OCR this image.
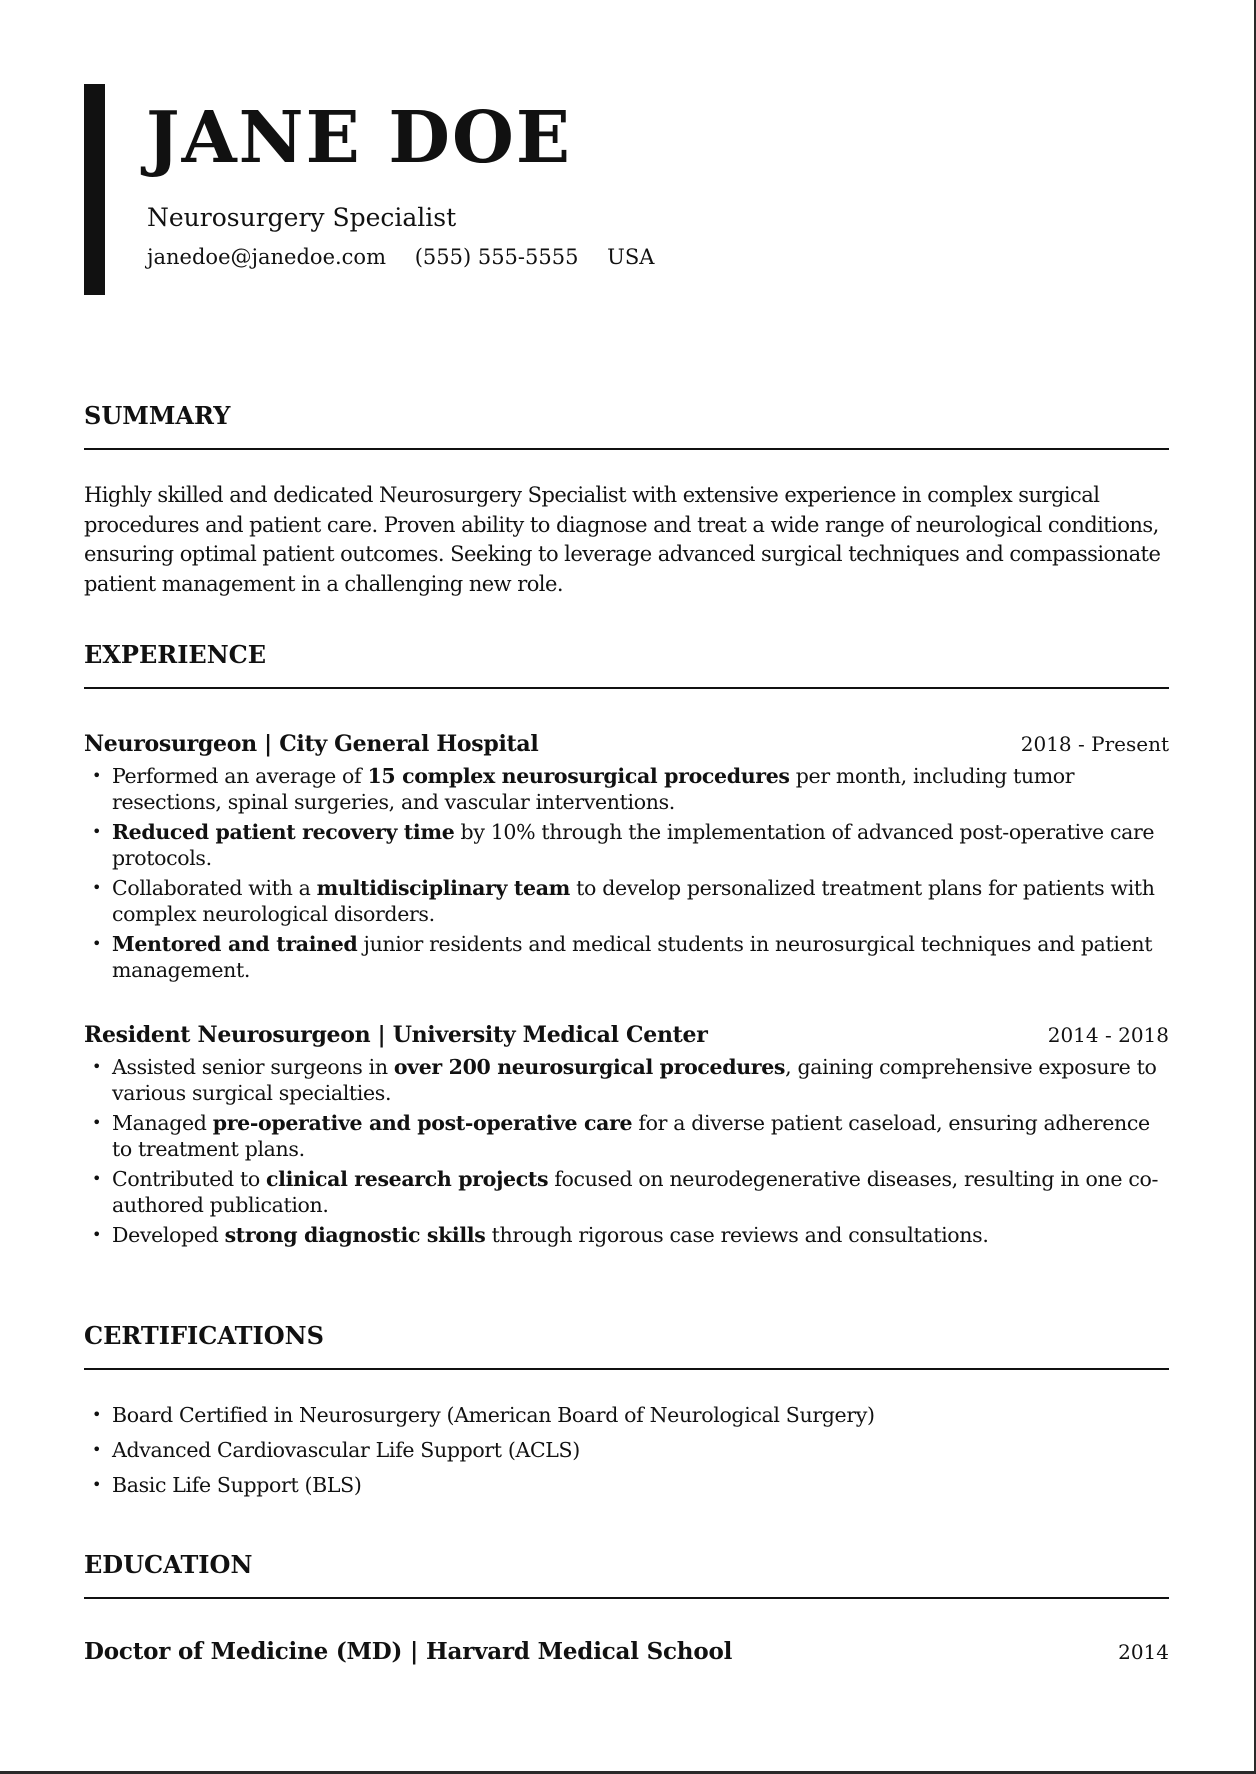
JANE DOE
Neurosurgery Specialist
janedoe@janedoe.com (555) 555-5555 USA
SUMMARY

Highly skilled and dedicated Neurosurgery Specialist with extensive experience in complex surgical procedures and patient care. Proven ability to diagnose and treat a wide range of neurological conditions, ensuring optimal patient outcomes. Seeking to leverage advanced surgical techniques and compassionate patient management in a challenging new role.

EXPERIENCE
Neurosurgeon | City General Hospital	2018 - Present
• Performed an average of 15 complex neurosurgical procedures per month, including tumor resections, spinal surgeries, and vascular interventions.
• Reduced patient recovery time by 10% through the implementation of advanced post-operative care protocols.
• Collaborated with a multidisciplinary team to develop personalized treatment plans for patients with complex neurological disorders.
• Mentored and trained junior residents and medical students in neurosurgical techniques and patient management.
Resident Neurosurgeon | University Medical Center	2014 - 2018
• Assisted senior surgeons in over 200 neurosurgical procedures, gaining comprehensive exposure to various surgical specialties.
• Managed pre-operative and post-operative care for a diverse patient caseload, ensuring adherence to treatment plans.
• Contributed to clinical research projects focused on neurodegenerative diseases, resulting in one co-authored publication.
• Developed strong diagnostic skills through rigorous case reviews and consultations.
CERTIFICATIONS
• Board Certified in Neurosurgery (American Board of Neurological Surgery)
• Advanced Cardiovascular Life Support (ACLS)
• Basic Life Support (BLS)
EDUCATION
Doctor of Medicine (MD) | Harvard Medical School	2014
